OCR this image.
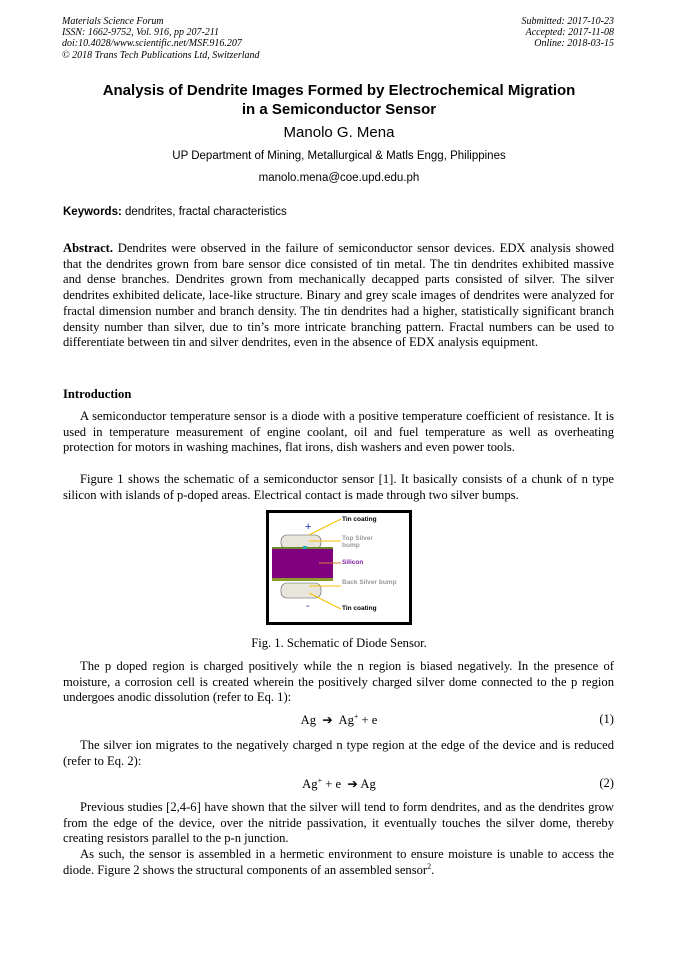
Materials Science Forum
ISSN: 1662-9752, Vol. 916, pp 207-211
doi:10.4028/www.scientific.net/MSF.916.207
© 2018 Trans Tech Publications Ltd, Switzerland
Submitted: 2017-10-23
Accepted: 2017-11-08
Online: 2018-03-15
Analysis of Dendrite Images Formed by Electrochemical Migration
in a Semiconductor Sensor
Manolo G. Mena
UP Department of Mining, Metallurgical & Matls Engg, Philippines
manolo.mena@coe.upd.edu.ph
Keywords: dendrites, fractal characteristics
Abstract. Dendrites were observed in the failure of semiconductor sensor devices. EDX analysis showed that the dendrites grown from bare sensor dice consisted of tin metal. The tin dendrites exhibited massive and dense branches. Dendrites grown from mechanically decapped parts consisted of silver. The silver dendrites exhibited delicate, lace-like structure. Binary and grey scale images of dendrites were analyzed for fractal dimension number and branch density. The tin dendrites had a higher, statistically significant branch density number than silver, due to tin’s more intricate branching pattern. Fractal numbers can be used to differentiate between tin and silver dendrites, even in the absence of EDX analysis equipment.
Introduction
A semiconductor temperature sensor is a diode with a positive temperature coefficient of resistance. It is used in temperature measurement of engine coolant, oil and fuel temperature as well as overheating protection for motors in washing machines, flat irons, dish washers and even power tools.
Figure 1 shows the schematic of a semiconductor sensor [1]. It basically consists of a chunk of n type silicon with islands of p-doped areas. Electrical contact is made through two silver bumps.
+
-
Tin coating
Top Silver bump
Silicon
Back Silver bump
Tin coating
Fig. 1. Schematic of Diode Sensor.
The p doped region is charged positively while the n region is biased negatively. In the presence of moisture, a corrosion cell is created wherein the positively charged silver dome connected to the p region undergoes anodic dissolution (refer to Eq. 1):
Ag ➔ Ag+ + e	(1)
The silver ion migrates to the negatively charged n type region at the edge of the device and is reduced (refer to Eq. 2):
Ag+ + e  ➔ Ag	(2)
Previous studies [2,4-6] have shown that the silver will tend to form dendrites, and as the dendrites grow from the edge of the device, over the nitride passivation, it eventually touches the silver dome, thereby creating resistors parallel to the p-n junction.
As such, the sensor is assembled in a hermetic environment to ensure moisture is unable to access the diode. Figure 2 shows the structural components of an assembled sensor$^2$.
